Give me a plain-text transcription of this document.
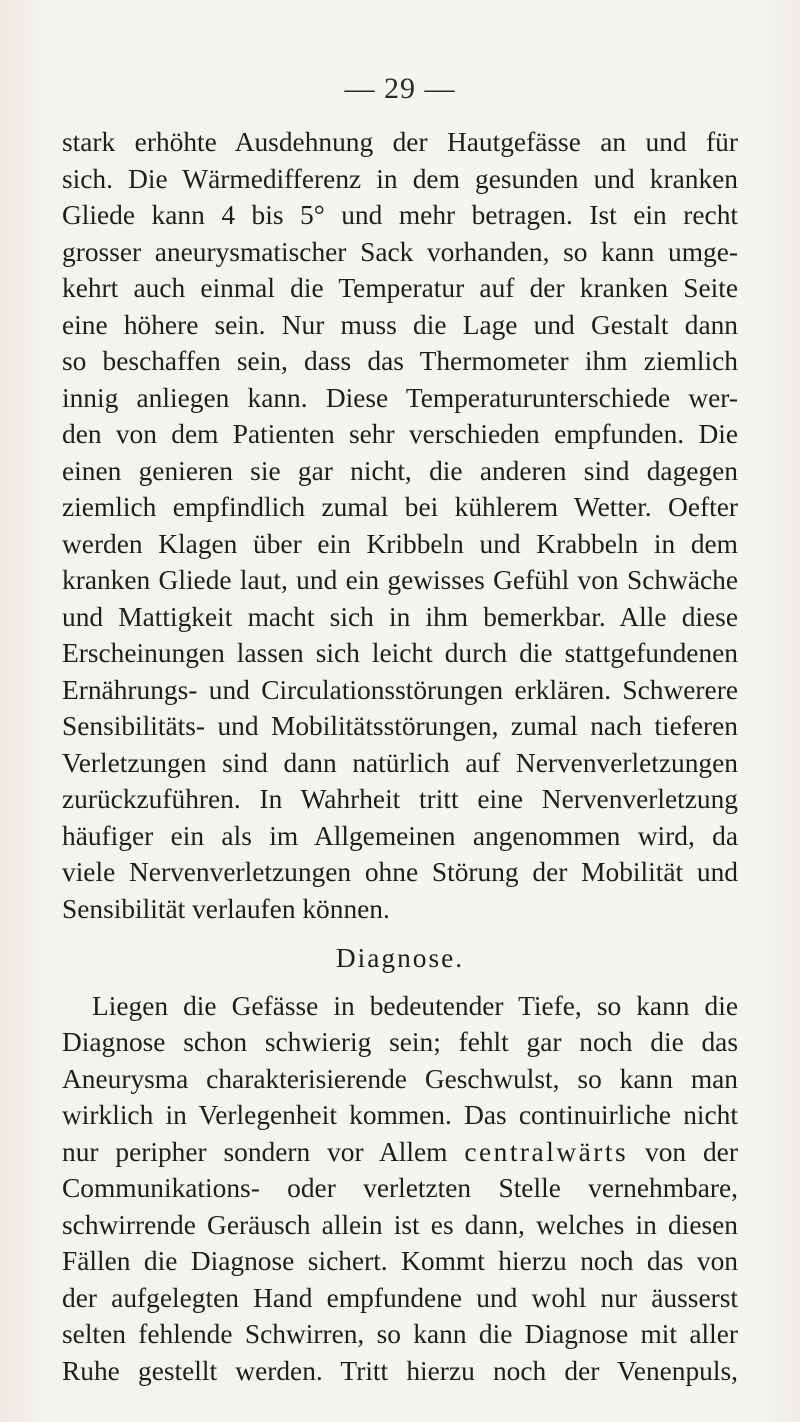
— 29 —
stark erhöhte Ausdehnung der Hautgefässe an und für
sich. Die Wärmedifferenz in dem gesunden und kranken
Gliede kann 4 bis 5° und mehr betragen. Ist ein recht
grosser aneurysmatischer Sack vorhanden, so kann umge-
kehrt auch einmal die Temperatur auf der kranken Seite
eine höhere sein. Nur muss die Lage und Gestalt dann
so beschaffen sein, dass das Thermometer ihm ziemlich
innig anliegen kann. Diese Temperaturunterschiede wer-
den von dem Patienten sehr verschieden empfunden. Die
einen genieren sie gar nicht, die anderen sind dagegen
ziemlich empfindlich zumal bei kühlerem Wetter. Oefter
werden Klagen über ein Kribbeln und Krabbeln in dem
kranken Gliede laut, und ein gewisses Gefühl von Schwäche
und Mattigkeit macht sich in ihm bemerkbar. Alle diese
Erscheinungen lassen sich leicht durch die stattgefundenen
Ernährungs- und Circulationsstörungen erklären. Schwerere
Sensibilitäts- und Mobilitätsstörungen, zumal nach tieferen
Verletzungen sind dann natürlich auf Nervenverletzungen
zurückzuführen. In Wahrheit tritt eine Nervenverletzung
häufiger ein als im Allgemeinen angenommen wird, da
viele Nervenverletzungen ohne Störung der Mobilität und
Sensibilität verlaufen können.
Diagnose.
Liegen die Gefässe in bedeutender Tiefe, so kann die
Diagnose schon schwierig sein; fehlt gar noch die das
Aneurysma charakterisierende Geschwulst, so kann man
wirklich in Verlegenheit kommen. Das continuirliche nicht
nur peripher sondern vor Allem centralwärts von der
Communikations- oder verletzten Stelle vernehmbare,
schwirrende Geräusch allein ist es dann, welches in diesen
Fällen die Diagnose sichert. Kommt hierzu noch das von
der aufgelegten Hand empfundene und wohl nur äusserst
selten fehlende Schwirren, so kann die Diagnose mit aller
Ruhe gestellt werden. Tritt hierzu noch der Venenpuls,
